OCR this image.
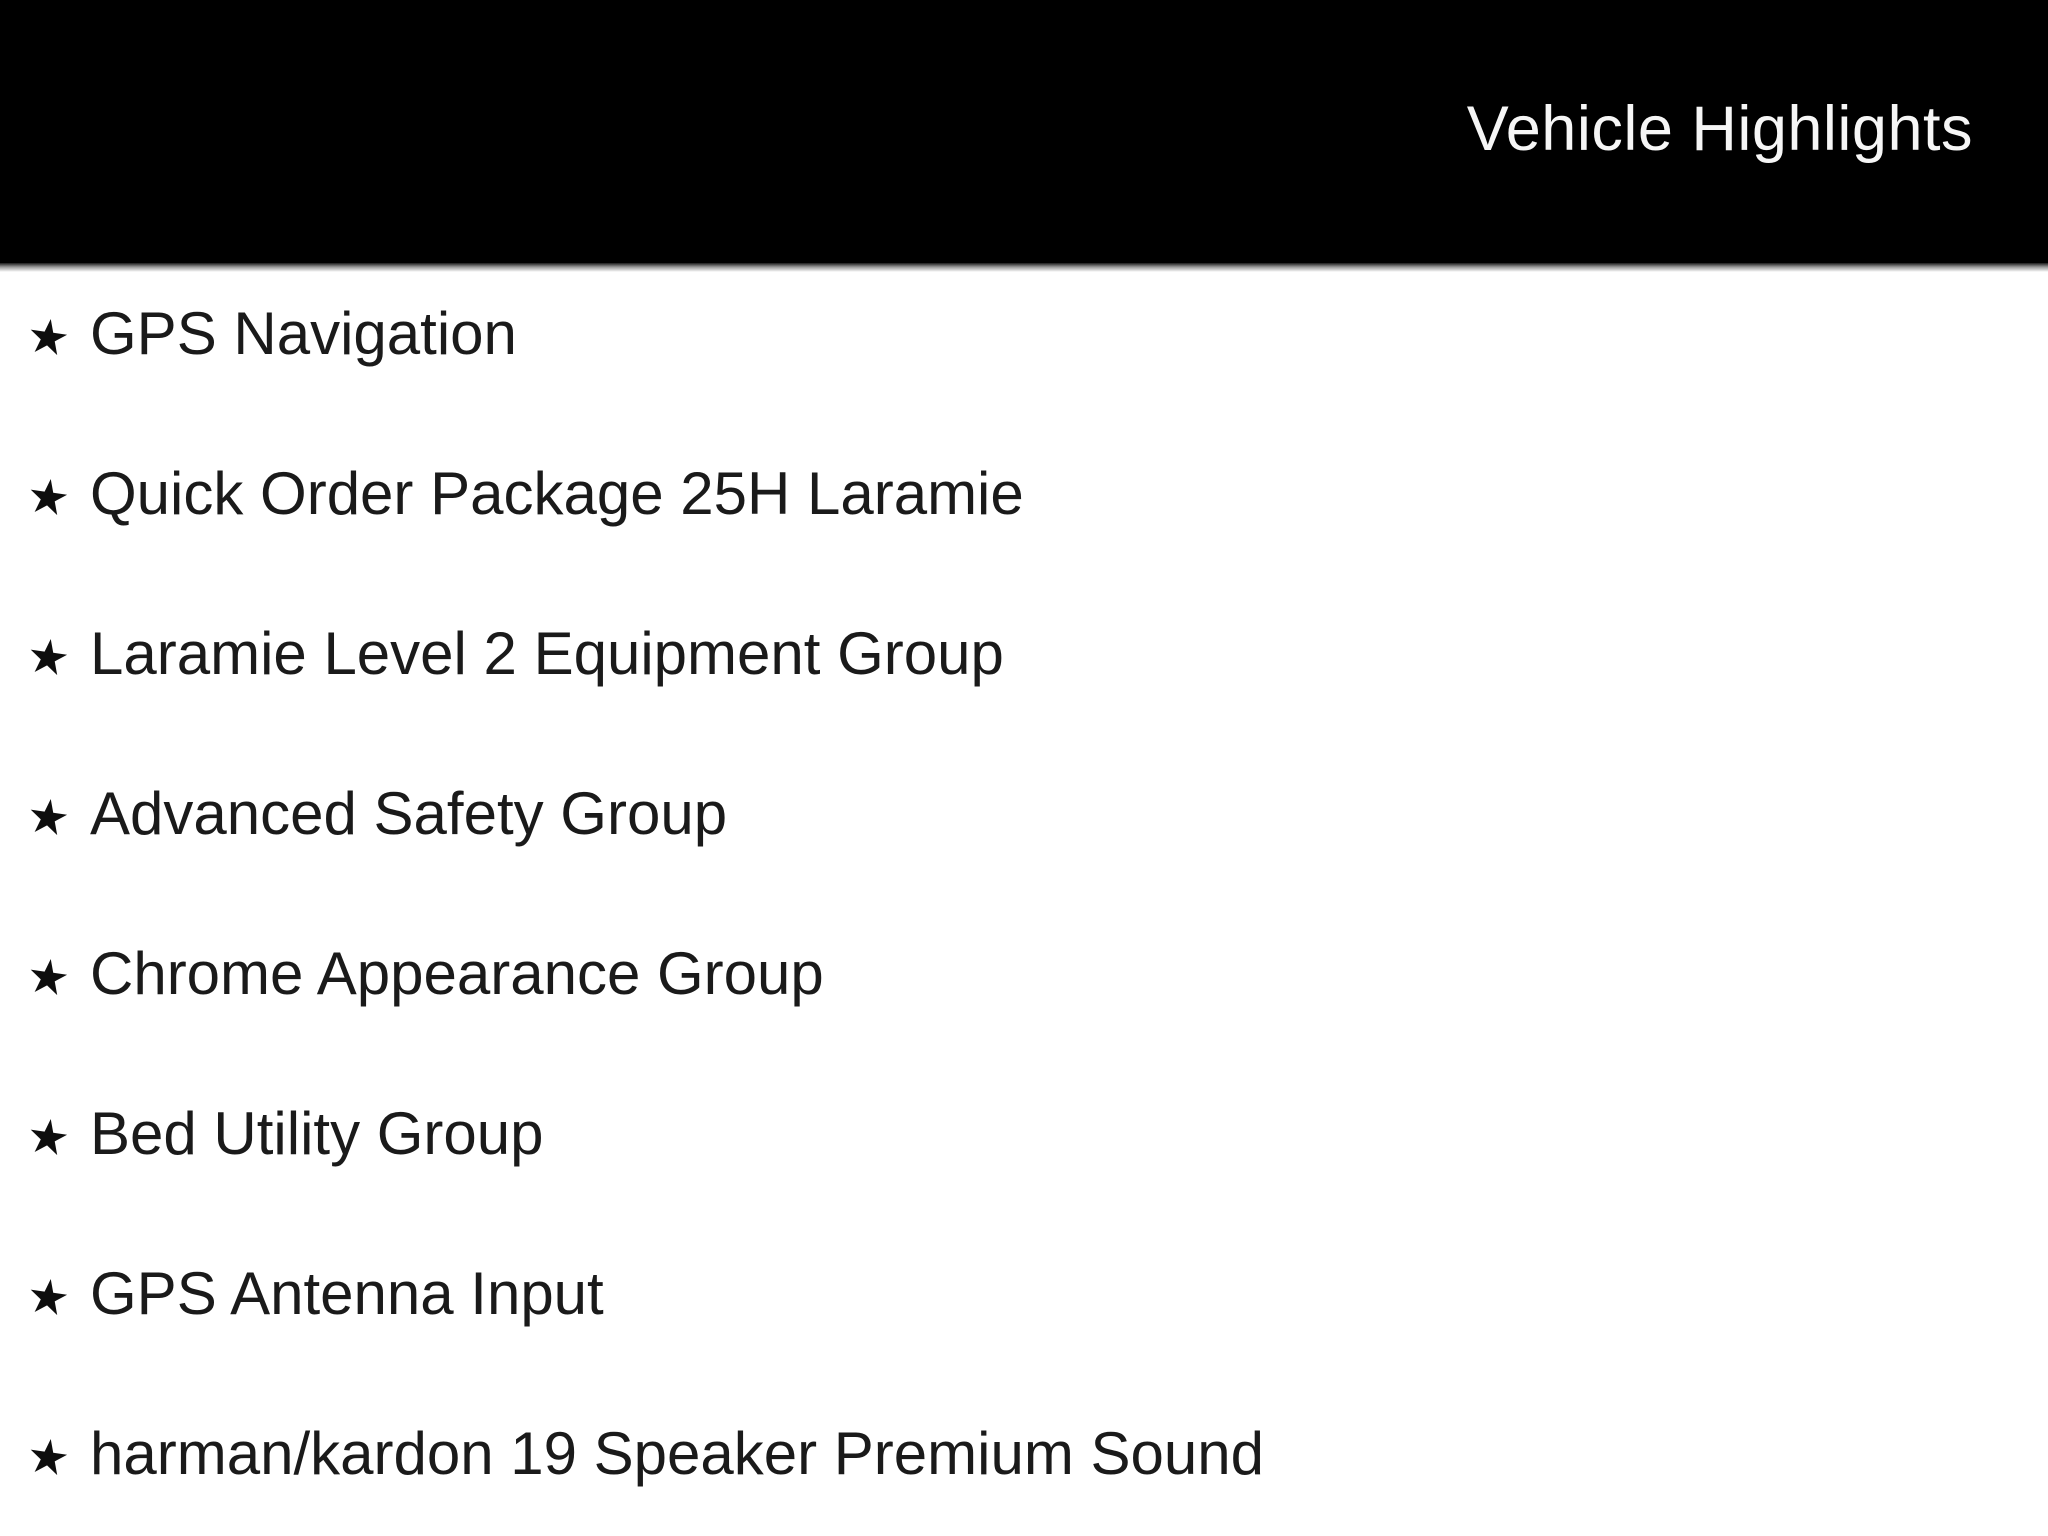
Vehicle Highlights
★ GPS Navigation
★ Quick Order Package 25H Laramie
★ Laramie Level 2 Equipment Group
★ Advanced Safety Group
★ Chrome Appearance Group
★ Bed Utility Group
★ GPS Antenna Input
★ harman/kardon 19 Speaker Premium Sound
